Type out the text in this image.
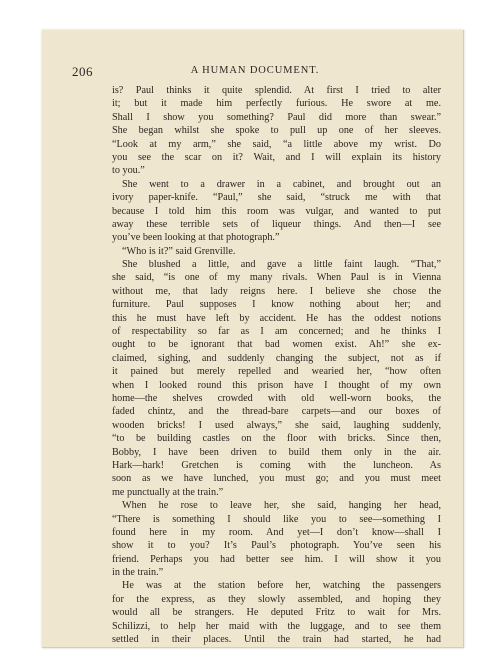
206	A HUMAN DOCUMENT.
is? Paul thinks it quite splendid. At first I tried to alter
it; but it made him perfectly furious. He swore at me.
Shall I show you something? Paul did more than swear.”
She began whilst she spoke to pull up one of her sleeves.
“Look at my arm,” she said, “a little above my wrist. Do
you see the scar on it? Wait, and I will explain its history
to you.”
She went to a drawer in a cabinet, and brought out an
ivory paper-knife. “Paul,” she said, “struck me with that
because I told him this room was vulgar, and wanted to put
away these terrible sets of liqueur things. And then—I see
you’ve been looking at that photograph.”
“Who is it?” said Grenville.
She blushed a little, and gave a little faint laugh. “That,”
she said, “is one of my many rivals. When Paul is in Vienna
without me, that lady reigns here. I believe she chose the
furniture. Paul supposes I know nothing about her; and
this he must have left by accident. He has the oddest notions
of respectability so far as I am concerned; and he thinks I
ought to be ignorant that bad women exist. Ah!” she ex-
claimed, sighing, and suddenly changing the subject, not as if
it pained but merely repelled and wearied her, “how often
when I looked round this prison have I thought of my own
home—the shelves crowded with old well-worn books, the
faded chintz, and the thread-bare carpets—and our boxes of
wooden bricks! I used always,” she said, laughing suddenly,
“to be building castles on the floor with bricks. Since then,
Bobby, I have been driven to build them only in the air.
Hark—hark! Gretchen is coming with the luncheon. As
soon as we have lunched, you must go; and you must meet
me punctually at the train.”
When he rose to leave her, she said, hanging her head,
“There is something I should like you to see—something I
found here in my room. And yet—I don’t know—shall I
show it to you? It’s Paul’s photograph. You’ve seen his
friend. Perhaps you had better see him. I will show it you
in the train.”
He was at the station before her, watching the passengers
for the express, as they slowly assembled, and hoping they
would all be strangers. He deputed Fritz to wait for Mrs.
Schilizzi, to help her maid with the luggage, and to see them
settled in their places. Until the train had started, he had
